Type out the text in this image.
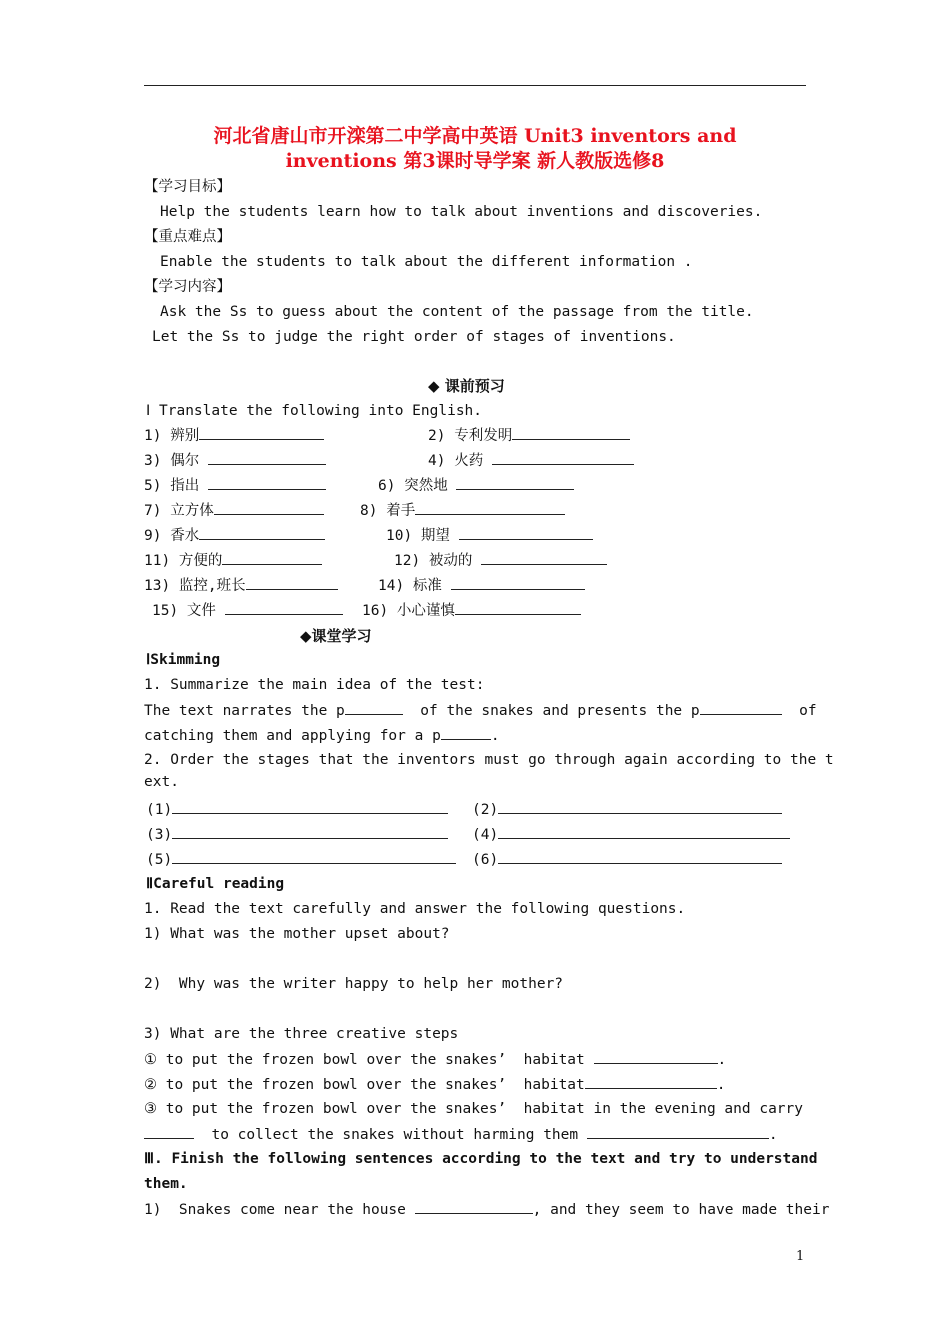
河北省唐山市开滦第二中学高中英语 Unit3 inventors and
inventions 第3课时导学案 新人教版选修8
【学习目标】
Help the students learn how to talk about inventions and discoveries.
【重点难点】
Enable the students to talk about the different information .
【学习内容】
Ask the Ss to guess about the content of the passage from the title.
Let the Ss to judge the right order of stages of inventions.
◆ 课前预习
Ⅰ Translate the following into English.
1) 辨别	2) 专利发明
3) 偶尔	4) 火药
5) 指出	6) 突然地
7) 立方体	8) 着手
9) 香水	10) 期望
11) 方便的	12) 被动的
13) 监控,班长	14) 标准
15) 文件	16) 小心谨慎
◆课堂学习
ⅠSkimming
1. Summarize the main idea of the test:
The text narrates the p	of the snakes and presents the p	of
catching them and applying for a p	.
2. Order the stages that the inventors must go through again according to the t
ext.
(1)	(2)
(3)	(4)
(5)	(6)
ⅡCareful reading
1. Read the text carefully and answer the following questions.
1) What was the mother upset about?
2)  Why was the writer happy to help her mother?
3) What are the three creative steps
① to put the frozen bowl over the snakes’  habitat	.
② to put the frozen bowl over the snakes’  habitat	.
③ to put the frozen bowl over the snakes’  habitat in the evening and carry
to collect the snakes without harming them	.
Ⅲ. Finish the following sentences according to the text and try to understand
them.
1)  Snakes come near the house	, and they seem to have made their
1
